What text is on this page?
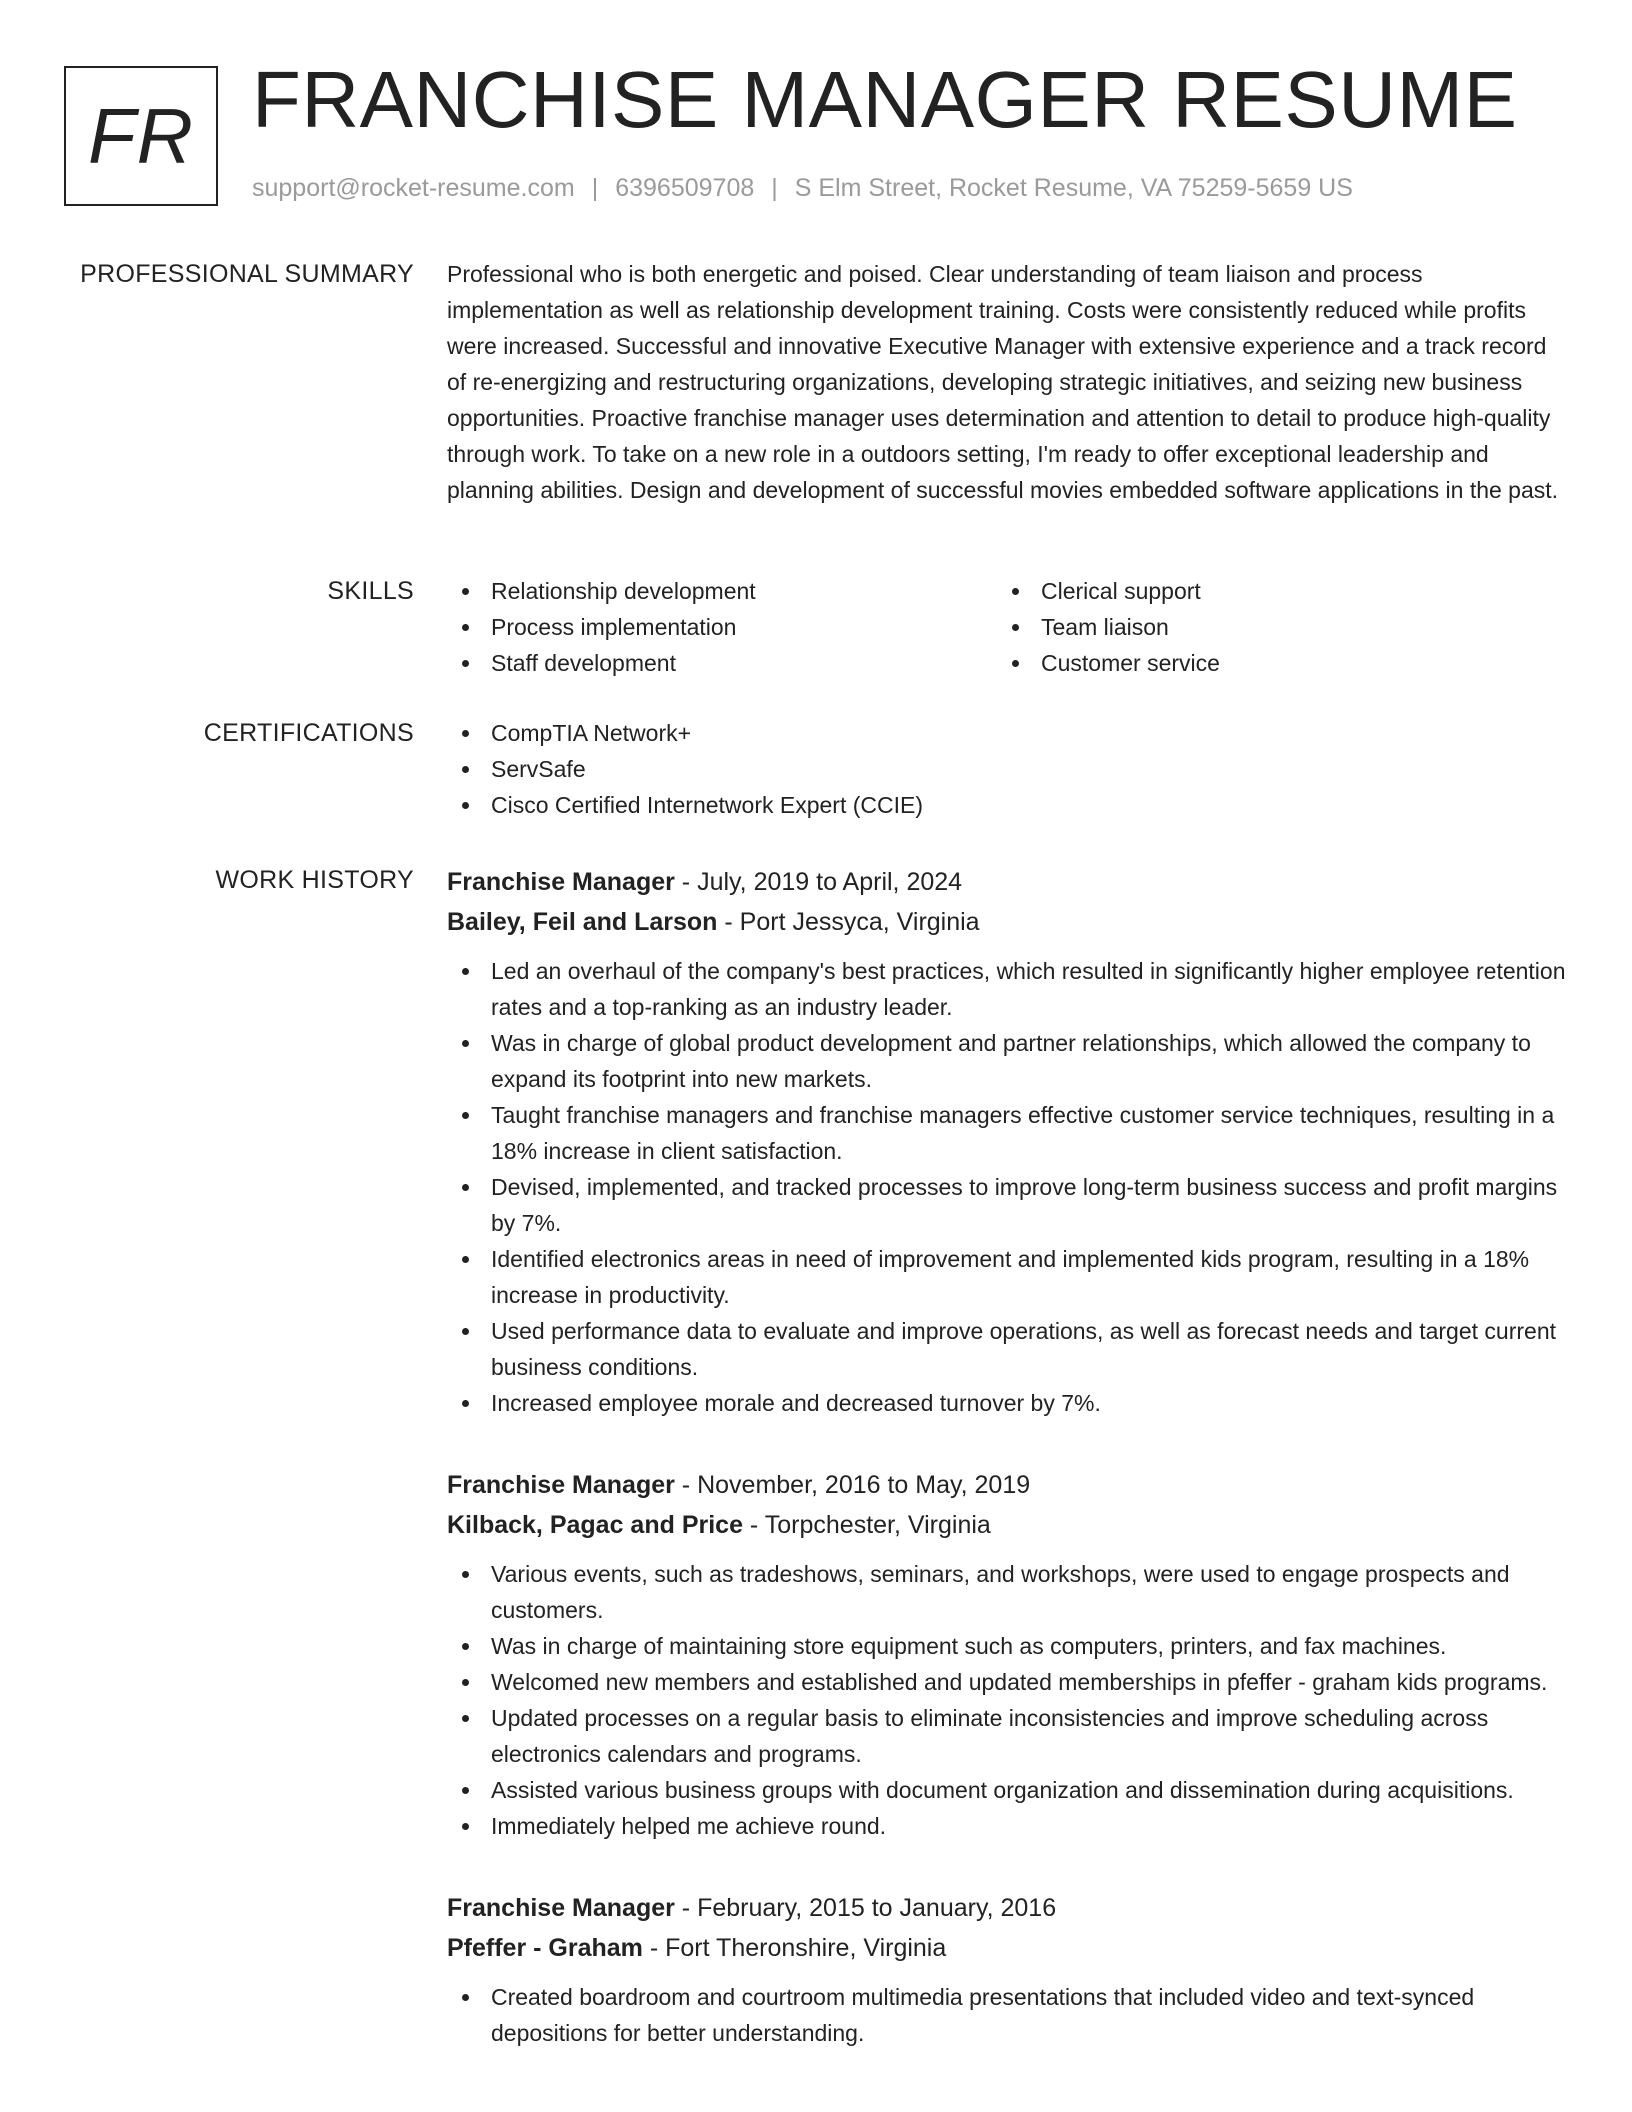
FR FRANCHISE MANAGER RESUME
support@rocket-resume.com | 6396509708 | S Elm Street, Rocket Resume, VA 75259-5659 US
PROFESSIONAL SUMMARY Professional who is both energetic and poised. Clear understanding of team liaison and process implementation as well as relationship development training. Costs were consistently reduced while profits were increased. Successful and innovative Executive Manager with extensive experience and a track record of re-energizing and restructuring organizations, developing strategic initiatives, and seizing new business opportunities. Proactive franchise manager uses determination and attention to detail to produce high-quality through work. To take on a new role in a outdoors setting, I'm ready to offer exceptional leadership and planning abilities. Design and development of successful movies embedded software applications in the past.

SKILLS	Relationship development
Process implementation
Staff development
Clerical support
Team liaison
Customer service
CERTIFICATIONS	CompTIA Network+
ServSafe
Cisco Certified Internetwork Expert (CCIE)
WORK HISTORY Franchise Manager - July, 2019 to April, 2024
Bailey, Feil and Larson - Port Jessyca, Virginia
Led an overhaul of the company's best practices, which resulted in significantly higher employee retention rates and a top-ranking as an industry leader.
Was in charge of global product development and partner relationships, which allowed the company to expand its footprint into new markets.
Taught franchise managers and franchise managers effective customer service techniques, resulting in a 18% increase in client satisfaction.
Devised, implemented, and tracked processes to improve long-term business success and profit margins by 7%.
Identified electronics areas in need of improvement and implemented kids program, resulting in a 18% increase in productivity.
Used performance data to evaluate and improve operations, as well as forecast needs and target current business conditions.
Increased employee morale and decreased turnover by 7%.
Franchise Manager - November, 2016 to May, 2019
Kilback, Pagac and Price - Torpchester, Virginia
Various events, such as tradeshows, seminars, and workshops, were used to engage prospects and customers.
Was in charge of maintaining store equipment such as computers, printers, and fax machines.
Welcomed new members and established and updated memberships in pfeffer - graham kids programs.
Updated processes on a regular basis to eliminate inconsistencies and improve scheduling across electronics calendars and programs.
Assisted various business groups with document organization and dissemination during acquisitions.
Immediately helped me achieve round.
Franchise Manager - February, 2015 to January, 2016
Pfeffer - Graham - Fort Theronshire, Virginia
Created boardroom and courtroom multimedia presentations that included video and text-synced depositions for better understanding.
